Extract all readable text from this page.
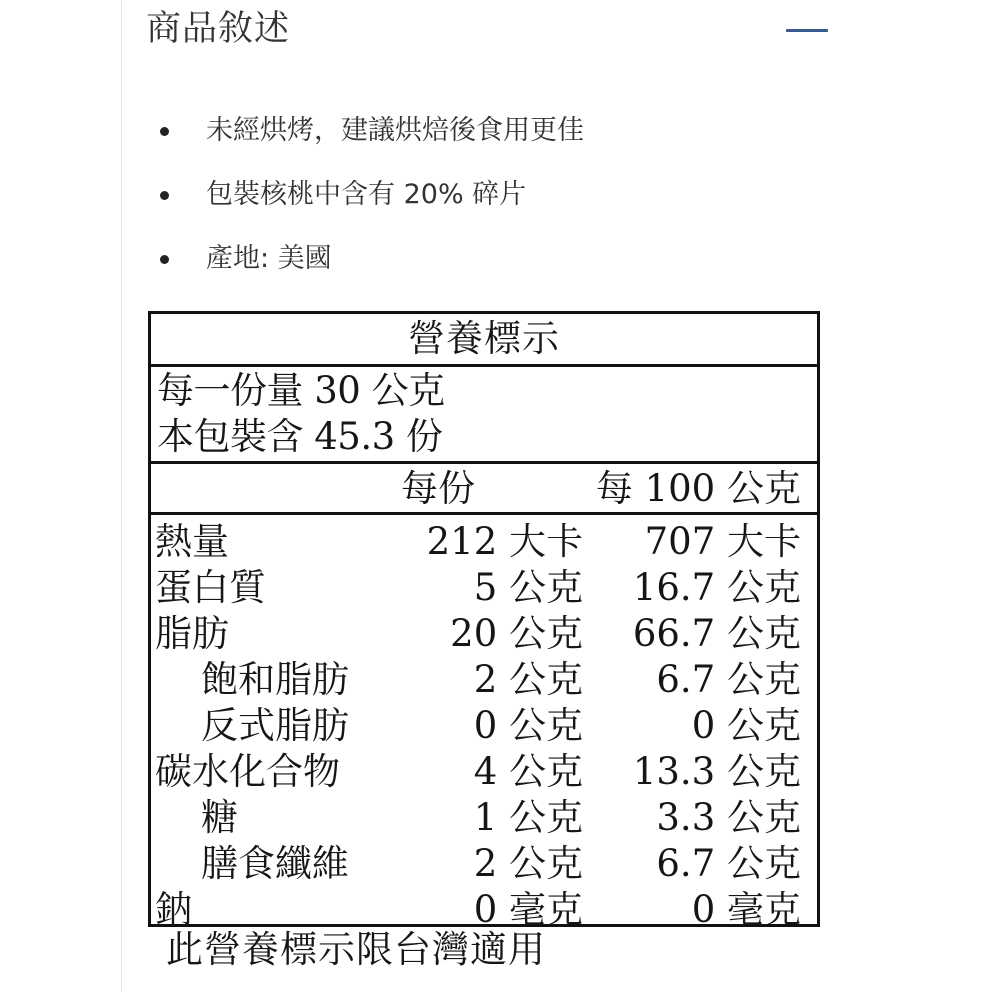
商品敘述
未經烘烤，建議烘焙後食用更佳
包裝核桃中含有 20% 碎片
產地: 美國
營養標示
每一份量 30 公克
本包裝含 45.3 份
每份	每 100 公克
熱量	212 大卡 707 大卡
蛋白質	5 公克 16.7 公克
脂肪	20 公克 66.7 公克
飽和脂肪	2 公克 6.7 公克
反式脂肪	0 公克	0 公克
碳水化合物	4 公克 13.3 公克
糖	1 公克 3.3 公克
膳食纖維	2 公克 6.7 公克
鈉	0 毫克	0 毫克
此營養標示限台灣適用
